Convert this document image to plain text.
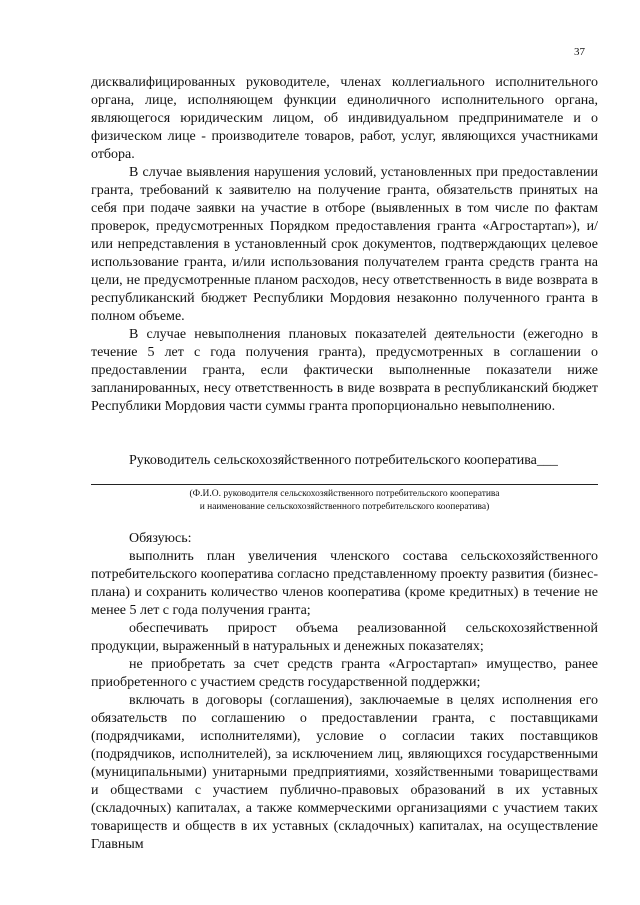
37

дисквалифицированных руководителе, членах коллегиального исполнительного органа, лице, исполняющем функции единоличного исполнительного органа, являющегося юридическим лицом, об индивидуальном предпринимателе и о физическом лице - производителе товаров, работ, услуг, являющихся участниками отбора.

В случае выявления нарушения условий, установленных при предоставлении гранта, требований к заявителю на получение гранта, обязательств принятых на себя при подаче заявки на участие в отборе (выявленных в том числе по фактам проверок, предусмотренных Порядком предоставления гранта «Агростартап»), и/или непредставления в установленный срок документов, подтверждающих целевое использование гранта, и/или использования получателем гранта средств гранта на цели, не предусмотренные планом расходов, несу ответственность в виде возврата в республиканский бюджет Республики Мордовия незаконно полученного гранта в полном объеме.

В случае невыполнения плановых показателей деятельности (ежегодно в течение 5 лет с года получения гранта), предусмотренных в соглашении о предоставлении гранта, если фактически выполненные показатели ниже запланированных, несу ответственность в виде возврата в республиканский бюджет Республики Мордовия части суммы гранта пропорционально невыполнению.

Руководитель сельскохозяйственного потребительского кооператива___

(Ф.И.О. руководителя сельскохозяйственного потребительского кооператива

и наименование сельскохозяйственного потребительского кооператива)

Обязуюсь:

выполнить план увеличения членского состава сельскохозяйственного потребительского кооператива согласно представленному проекту развития (бизнес-плана) и сохранить количество членов кооператива (кроме кредитных) в течение не менее 5 лет с года получения гранта;

обеспечивать прирост объема реализованной сельскохозяйственной продукции, выраженный в натуральных и денежных показателях;

не приобретать за счет средств гранта «Агростартап» имущество, ранее приобретенного с участием средств государственной поддержки;

включать в договоры (соглашения), заключаемые в целях исполнения его обязательств по соглашению о предоставлении гранта, с поставщиками (подрядчиками, исполнителями), условие о согласии таких поставщиков (подрядчиков, исполнителей), за исключением лиц, являющихся государственными (муниципальными) унитарными предприятиями, хозяйственными товариществами и обществами с участием публично-правовых образований в их уставных (складочных) капиталах, а также коммерческими организациями с участием таких товариществ и обществ в их уставных (складочных) капиталах, на осуществление Главным
